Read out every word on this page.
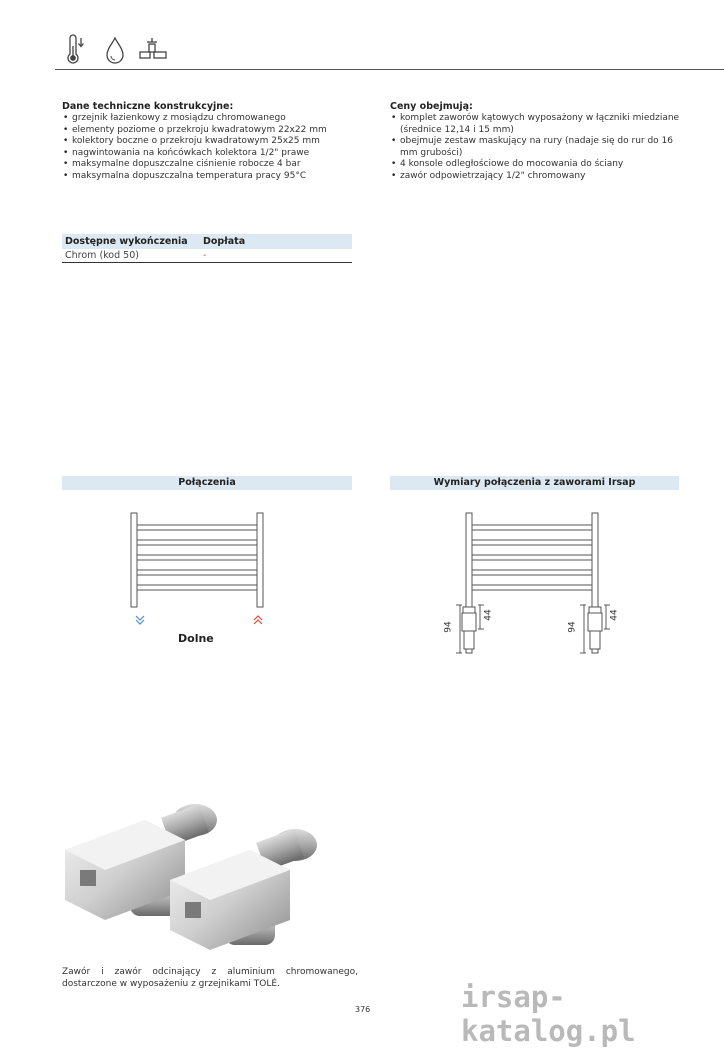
Dane techniczne konstrukcyjne:
• grzejnik łazienkowy z mosiądzu chromowanego
• elementy poziome o przekroju kwadratowym 22x22 mm
• kolektory boczne o przekroju kwadratowym 25x25 mm
• nagwintowania na końcówkach kolektora 1/2" prawe
• maksymalne dopuszczalne ciśnienie robocze 4 bar
• maksymalna dopuszczalna temperatura pracy 95°C
Ceny obejmują:
• komplet zaworów kątowych wyposażony w łączniki miedziane (średnice 12,14 i 15 mm)
• obejmuje zestaw maskujący na rury (nadaje się do rur do 16 mm grubości)
• 4 konsole odległościowe do mocowania do ściany
• zawór odpowietrzający 1/2" chromowany
Dostępne wykończenia	Dopłata
Chrom (kod 50)	-
Połączenia	Wymiary połączenia z zaworami Irsap
Dolne
94
44
94
44
Zawór i zawór odcinający z aluminium chromowanego, dostarczone w wyposażeniu z grzejnikami TOLÉ.
376	irsap-katalog.pl
